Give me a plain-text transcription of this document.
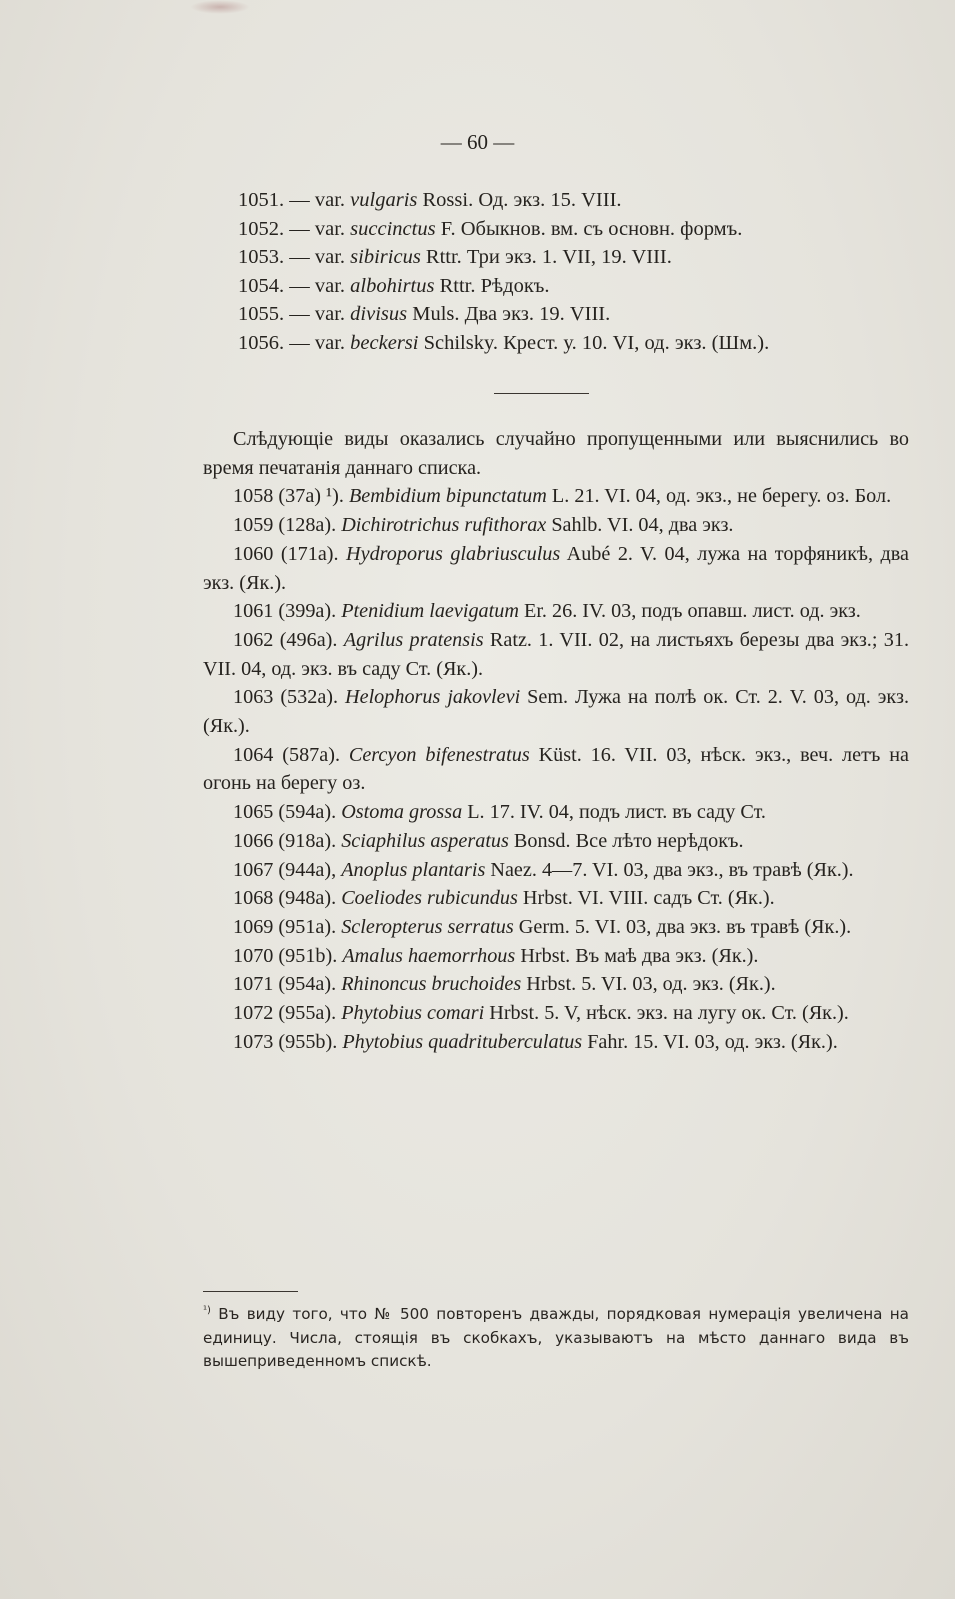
— 60 —
1051. — var. vulgaris Rossi. Од. экз. 15. VIII.
1052. — var. succinctus F. Обыкнов. вм. съ основн. формъ.
1053. — var. sibiricus Rttr. Три экз. 1. VII, 19. VIII.
1054. — var. albohirtus Rttr. Рѣдокъ.
1055. — var. divisus Muls. Два экз. 19. VIII.
1056. — var. beckersi Schilsky. Крест. у. 10. VI, од. экз. (Шм.).

Слѣдующіе виды оказались случайно пропущенными или выяснились во время печатанія даннаго списка.

1058 (37a) ¹). Bembidium bipunctatum L. 21. VI. 04, од. экз., не берегу. оз. Бол.

1059 (128a). Dichirotrichus rufithorax Sahlb. VI. 04, два экз.

1060 (171a). Hydroporus glabriusculus Aubé 2. V. 04, лужа на торфяникѣ, два экз. (Як.).

1061 (399a). Ptenidium laevigatum Er. 26. IV. 03, подъ опавш. лист. од. экз.

1062 (496a). Agrilus pratensis Ratz. 1. VII. 02, на листьяхъ березы два экз.; 31. VII. 04, од. экз. въ саду Ст. (Як.).

1063 (532a). Helophorus jakovlevi Sem. Лужа на полѣ ок. Ст. 2. V. 03, од. экз. (Як.).

1064 (587a). Cercyon bifenestratus Küst. 16. VII. 03, нѣск. экз., веч. летъ на огонь на берегу оз.

1065 (594a). Ostoma grossa L. 17. IV. 04, подъ лист. въ саду Ст.

1066 (918a). Sciaphilus asperatus Bonsd. Все лѣто нерѣдокъ.

1067 (944a), Anoplus plantaris Naez. 4—7. VI. 03, два экз., въ травѣ (Як.).

1068 (948a). Coeliodes rubicundus Hrbst. VI. VIII. садъ Ст. (Як.).

1069 (951a). Scleropterus serratus Germ. 5. VI. 03, два экз. въ травѣ (Як.).

1070 (951b). Amalus haemorrhous Hrbst. Въ маѣ два экз. (Як.).

1071 (954a). Rhinoncus bruchoides Hrbst. 5. VI. 03, од. экз. (Як.).

1072 (955a). Phytobius comari Hrbst. 5. V, нѣск. экз. на лугу ок. Ст. (Як.).

1073 (955b). Phytobius quadrituberculatus Fahr. 15. VI. 03, од. экз. (Як.).

$^{^1)}$ Въ виду того, что № 500 повторенъ дважды, порядковая нумерація увеличена на единицу. Числа, стоящія въ скобкахъ, указываютъ на мѣсто даннаго вида въ вышеприведенномъ спискѣ.
